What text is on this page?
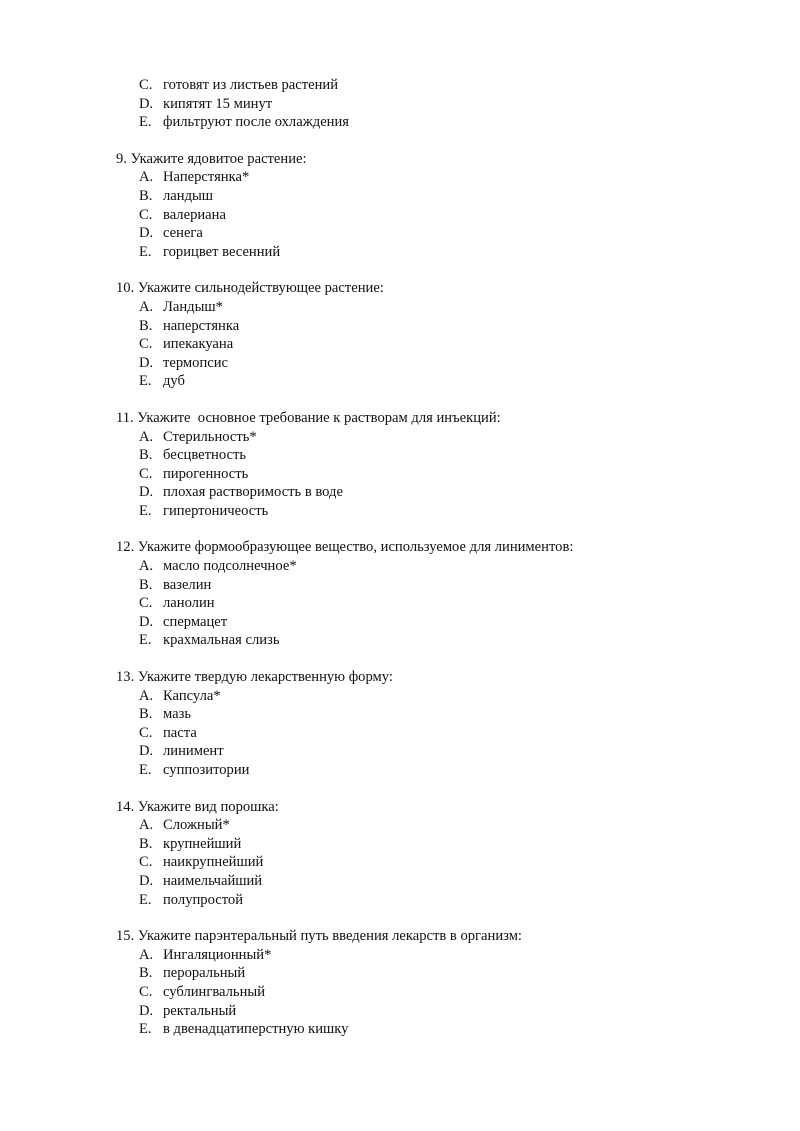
C. готовят из листьев растений
D. кипятят 15 минут
E. фильтруют после охлаждения
9. Укажите ядовитое растение:
A. Наперстянка*
B. ландыш
C. валериана
D. сенега
E. горицвет весенний
10. Укажите сильнодействующее растение:
A. Ландыш*
B. наперстянка
C. ипекакуана
D. термопсис
E. дуб
11. Укажите  основное требование к растворам для инъекций:
A. Стерильность*
B. бесцветность
C. пирогенность
D. плохая растворимость в воде
E. гипертоничеость
12. Укажите формообразующее вещество, используемое для линиментов:
A. масло подсолнечное*
B. вазелин
C. ланолин
D. спермацет
E. крахмальная слизь
13. Укажите твердую лекарственную форму:
A. Капсула*
B. мазь
C. паста
D. линимент
E. суппозитории
14. Укажите вид порошка:
A. Сложный*
B. крупнейший
C. наикрупнейший
D. наимельчайший
E. полупростой
15. Укажите парэнтеральный путь введения лекарств в организм:
A. Ингаляционный*
B. пероральный
C. сублингвальный
D. ректальный
E. в двенадцатиперстную кишку
